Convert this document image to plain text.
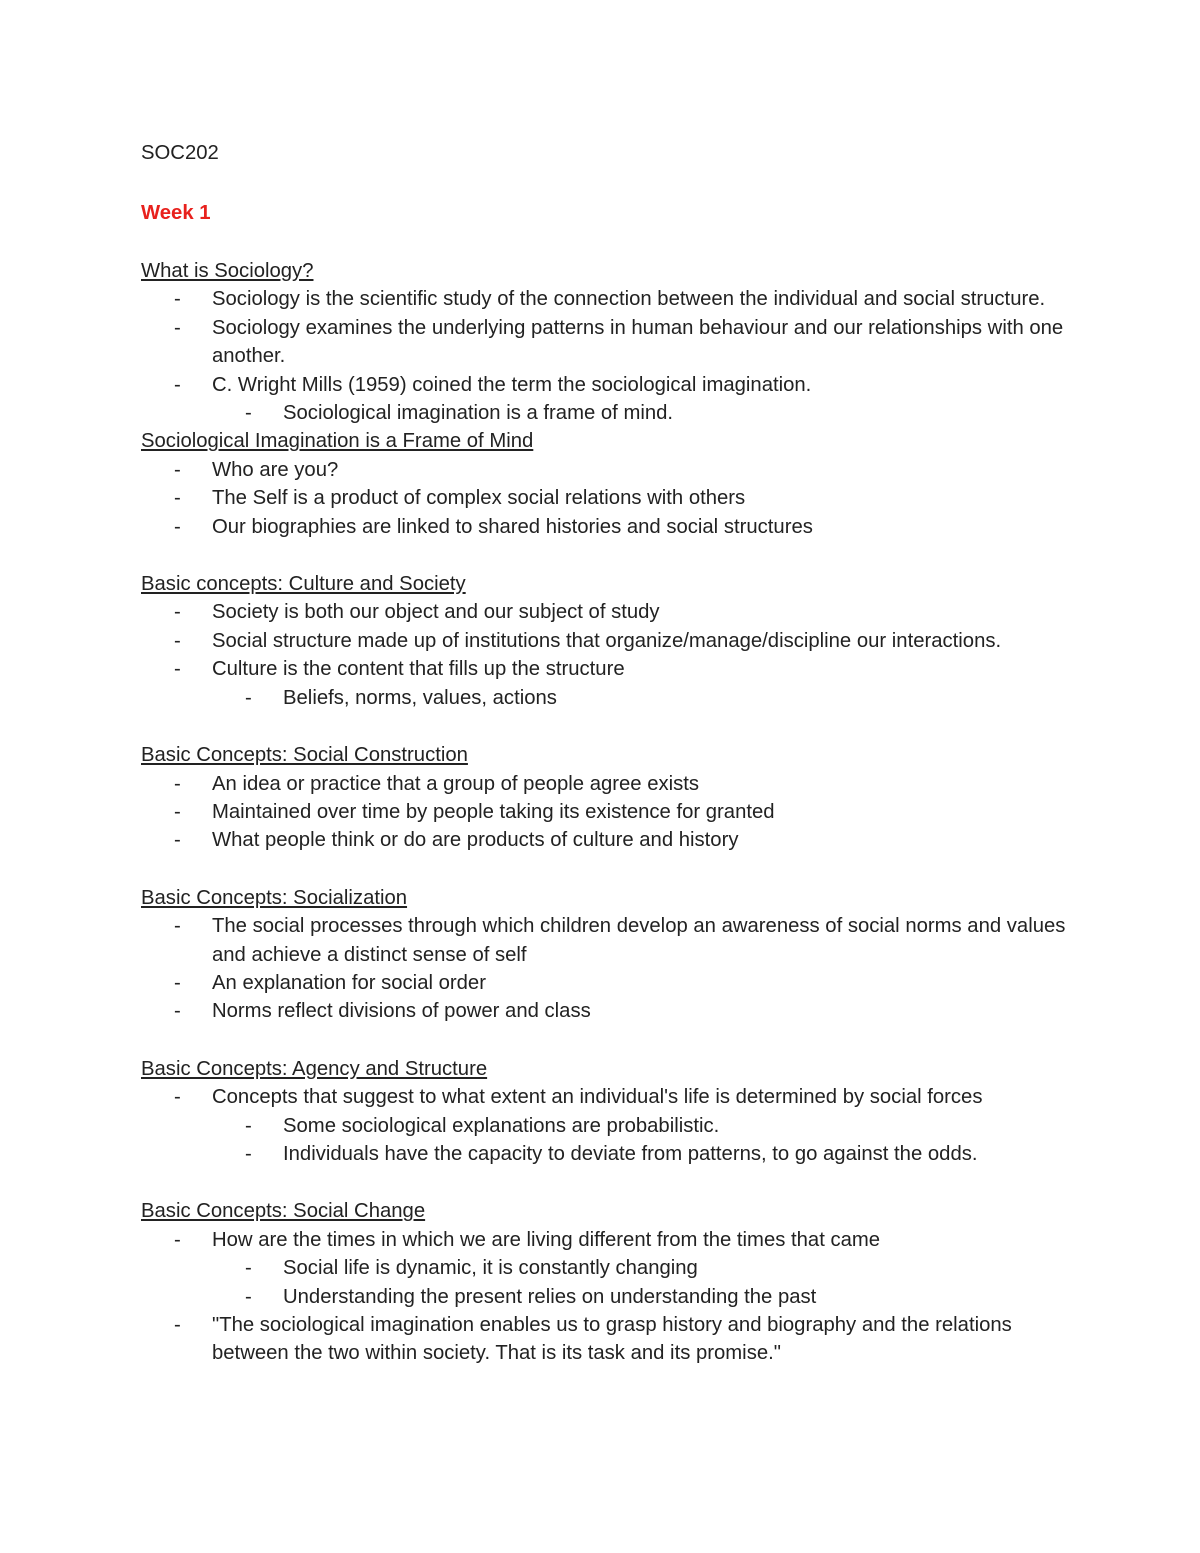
SOC202
Week 1
What is Sociology?
- Sociology is the scientific study of the connection between the individual and social structure.
- Sociology examines the underlying patterns in human behaviour and our relationships with one another.
- C. Wright Mills (1959) coined the term the sociological imagination.
- Sociological imagination is a frame of mind.
Sociological Imagination is a Frame of Mind
- Who are you?
- The Self is a product of complex social relations with others
- Our biographies are linked to shared histories and social structures
Basic concepts: Culture and Society
- Society is both our object and our subject of study
- Social structure made up of institutions that organize/manage/discipline our interactions.
- Culture is the content that fills up the structure
- Beliefs, norms, values, actions
Basic Concepts: Social Construction
- An idea or practice that a group of people agree exists
- Maintained over time by people taking its existence for granted
- What people think or do are products of culture and history
Basic Concepts: Socialization
- The social processes through which children develop an awareness of social norms and values and achieve a distinct sense of self
- An explanation for social order
- Norms reflect divisions of power and class
Basic Concepts: Agency and Structure
- Concepts that suggest to what extent an individual's life is determined by social forces
- Some sociological explanations are probabilistic.
- Individuals have the capacity to deviate from patterns, to go against the odds.
Basic Concepts: Social Change
- How are the times in which we are living different from the times that came
- Social life is dynamic, it is constantly changing
- Understanding the present relies on understanding the past
- "The sociological imagination enables us to grasp history and biography and the relations between the two within society. That is its task and its promise."
